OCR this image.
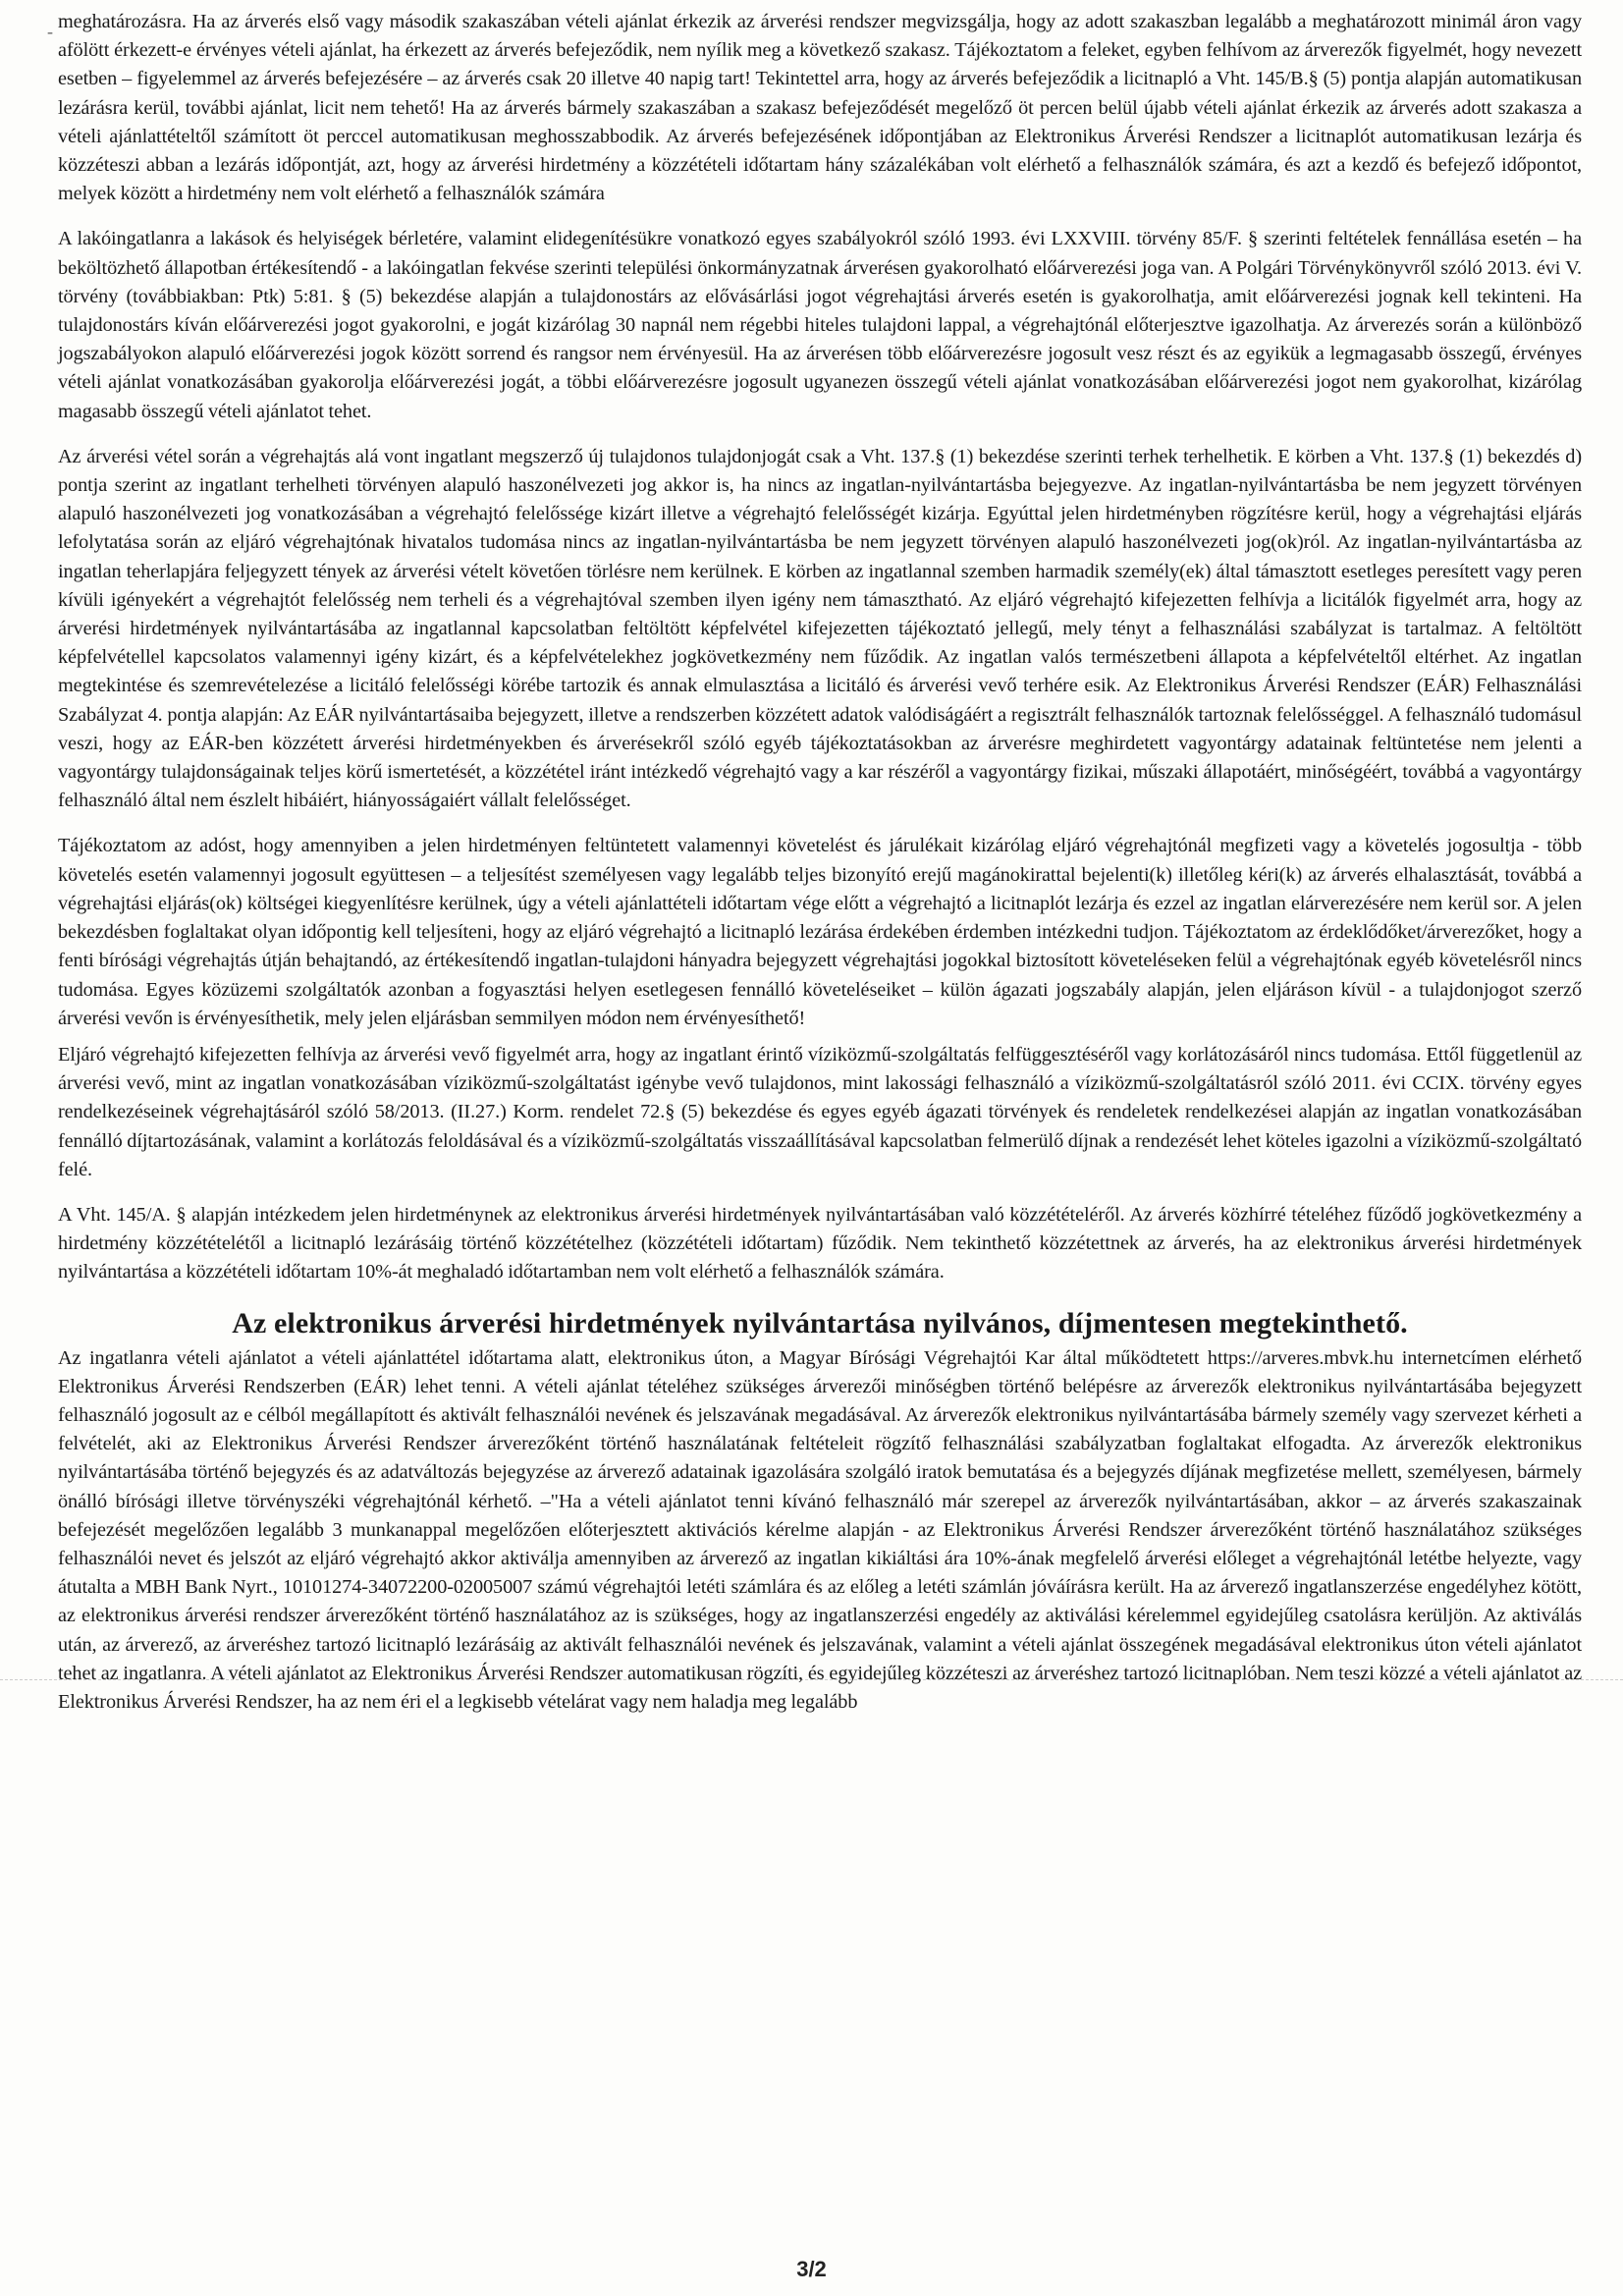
- meghatározásra. Ha az árverés első vagy második szakaszában vételi ajánlat érkezik az árverési rendszer megvizsgálja, hogy az adott szakaszban legalább a meghatározott minimál áron vagy afölött érkezett-e érvényes vételi ajánlat, ha érkezett az árverés befejeződik, nem nyílik meg a következő szakasz. Tájékoztatom a feleket, egyben felhívom az árverezők figyelmét, hogy nevezett esetben – figyelemmel az árverés befejezésére – az árverés csak 20 illetve 40 napig tart! Tekintettel arra, hogy az árverés befejeződik a licitnapló a Vht. 145/B.§ (5) pontja alapján automatikusan lezárásra kerül, további ajánlat, licit nem tehető! Ha az árverés bármely szakaszában a szakasz befejeződését megelőző öt percen belül újabb vételi ajánlat érkezik az árverés adott szakasza a vételi ajánlattételtől számított öt perccel automatikusan meghosszabbodik. Az árverés befejezésének időpontjában az Elektronikus Árverési Rendszer a licitnaplót automatikusan lezárja és közzéteszi abban a lezárás időpontját, azt, hogy az árverési hirdetmény a közzétételi időtartam hány százalékában volt elérhető a felhasználók számára, és azt a kezdő és befejező időpontot, melyek között a hirdetmény nem volt elérhető a felhasználók számára

A lakóingatlanra a lakások és helyiségek bérletére, valamint elidegenítésükre vonatkozó egyes szabályokról szóló 1993. évi LXXVIII. törvény 85/F. § szerinti feltételek fennállása esetén – ha beköltözhető állapotban értékesítendő - a lakóingatlan fekvése szerinti települési önkormányzatnak árverésen gyakorolható előárverezési joga van. A Polgári Törvénykönyvről szóló 2013. évi V. törvény (továbbiakban: Ptk) 5:81. § (5) bekezdése alapján a tulajdonostárs az elővásárlási jogot végrehajtási árverés esetén is gyakorolhatja, amit előárverezési jognak kell tekinteni. Ha tulajdonostárs kíván előárverezési jogot gyakorolni, e jogát kizárólag 30 napnál nem régebbi hiteles tulajdoni lappal, a végrehajtónál előterjesztve igazolhatja. Az árverezés során a különböző jogszabályokon alapuló előárverezési jogok között sorrend és rangsor nem érvényesül. Ha az árverésen több előárverezésre jogosult vesz részt és az egyikük a legmagasabb összegű, érvényes vételi ajánlat vonatkozásában gyakorolja előárverezési jogát, a többi előárverezésre jogosult ugyanezen összegű vételi ajánlat vonatkozásában előárverezési jogot nem gyakorolhat, kizárólag magasabb összegű vételi ajánlatot tehet.

Az árverési vétel során a végrehajtás alá vont ingatlant megszerző új tulajdonos tulajdonjogát csak a Vht. 137.§ (1) bekezdése szerinti terhek terhelhetik. E körben a Vht. 137.§ (1) bekezdés d) pontja szerint az ingatlant terhelheti törvényen alapuló haszonélvezeti jog akkor is, ha nincs az ingatlan-nyilvántartásba bejegyezve. Az ingatlan-nyilvántartásba be nem jegyzett törvényen alapuló haszonélvezeti jog vonatkozásában a végrehajtó felelőssége kizárt illetve a végrehajtó felelősségét kizárja. Egyúttal jelen hirdetményben rögzítésre kerül, hogy a végrehajtási eljárás lefolytatása során az eljáró végrehajtónak hivatalos tudomása nincs az ingatlan-nyilvántartásba be nem jegyzett törvényen alapuló haszonélvezeti jog(ok)ról. Az ingatlan-nyilvántartásba az ingatlan teherlapjára feljegyzett tények az árverési vételt követően törlésre nem kerülnek. E körben az ingatlannal szemben harmadik személy(ek) által támasztott esetleges peresített vagy peren kívüli igényekért a végrehajtót felelősség nem terheli és a végrehajtóval szemben ilyen igény nem támasztható. Az eljáró végrehajtó kifejezetten felhívja a licitálók figyelmét arra, hogy az árverési hirdetmények nyilvántartásába az ingatlannal kapcsolatban feltöltött képfelvétel kifejezetten tájékoztató jellegű, mely tényt a felhasználási szabályzat is tartalmaz. A feltöltött képfelvétellel kapcsolatos valamennyi igény kizárt, és a képfelvételekhez jogkövetkezmény nem fűződik. Az ingatlan valós természetbeni állapota a képfelvételtől eltérhet. Az ingatlan megtekintése és szemrevételezése a licitáló felelősségi körébe tartozik és annak elmulasztása a licitáló és árverési vevő terhére esik. Az Elektronikus Árverési Rendszer (EÁR) Felhasználási Szabályzat 4. pontja alapján: Az EÁR nyilvántartásaiba bejegyzett, illetve a rendszerben közzétett adatok valódiságáért a regisztrált felhasználók tartoznak felelősséggel. A felhasználó tudomásul veszi, hogy az EÁR-ben közzétett árverési hirdetményekben és árverésekről szóló egyéb tájékoztatásokban az árverésre meghirdetett vagyontárgy adatainak feltüntetése nem jelenti a vagyontárgy tulajdonságainak teljes körű ismertetését, a közzététel iránt intézkedő végrehajtó vagy a kar részéről a vagyontárgy fizikai, műszaki állapotáért, minőségéért, továbbá a vagyontárgy felhasználó által nem észlelt hibáiért, hiányosságaiért vállalt felelősséget.

Tájékoztatom az adóst, hogy amennyiben a jelen hirdetményen feltüntetett valamennyi követelést és járulékait kizárólag eljáró végrehajtónál megfizeti vagy a követelés jogosultja - több követelés esetén valamennyi jogosult együttesen – a teljesítést személyesen vagy legalább teljes bizonyító erejű magánokirattal bejelenti(k) illetőleg kéri(k) az árverés elhalasztását, továbbá a végrehajtási eljárás(ok) költségei kiegyenlítésre kerülnek, úgy a vételi ajánlattételi időtartam vége előtt a végrehajtó a licitnaplót lezárja és ezzel az ingatlan elárverezésére nem kerül sor. A jelen bekezdésben foglaltakat olyan időpontig kell teljesíteni, hogy az eljáró végrehajtó a licitnapló lezárása érdekében érdemben intézkedni tudjon. Tájékoztatom az érdeklődőket/árverezőket, hogy a fenti bírósági végrehajtás útján behajtandó, az értékesítendő ingatlan-tulajdoni hányadra bejegyzett végrehajtási jogokkal biztosított követeléseken felül a végrehajtónak egyéb követelésről nincs tudomása. Egyes közüzemi szolgáltatók azonban a fogyasztási helyen esetlegesen fennálló követeléseiket – külön ágazati jogszabály alapján, jelen eljáráson kívül - a tulajdonjogot szerző árverési vevőn is érvényesíthetik, mely jelen eljárásban semmilyen módon nem érvényesíthető!

Eljáró végrehajtó kifejezetten felhívja az árverési vevő figyelmét arra, hogy az ingatlant érintő víziközmű-szolgáltatás felfüggesztéséről vagy korlátozásáról nincs tudomása. Ettől függetlenül az árverési vevő, mint az ingatlan vonatkozásában víziközmű-szolgáltatást igénybe vevő tulajdonos, mint lakossági felhasználó a víziközmű-szolgáltatásról szóló 2011. évi CCIX. törvény egyes rendelkezéseinek végrehajtásáról szóló 58/2013. (II.27.) Korm. rendelet 72.§ (5) bekezdése és egyes egyéb ágazati törvények és rendeletek rendelkezései alapján az ingatlan vonatkozásában fennálló díjtartozásának, valamint a korlátozás feloldásával és a víziközmű-szolgáltatás visszaállításával kapcsolatban felmerülő díjnak a rendezését lehet köteles igazolni a víziközmű-szolgáltató felé.

A Vht. 145/A. § alapján intézkedem jelen hirdetménynek az elektronikus árverési hirdetmények nyilvántartásában való közzétételéről. Az árverés közhírré tételéhez fűződő jogkövetkezmény a hirdetmény közzétételétől a licitnapló lezárásáig történő közzétételhez (közzétételi időtartam) fűződik. Nem tekinthető közzétettnek az árverés, ha az elektronikus árverési hirdetmények nyilvántartása a közzétételi időtartam 10%-át meghaladó időtartamban nem volt elérhető a felhasználók számára.

Az elektronikus árverési hirdetmények nyilvántartása nyilvános, díjmentesen megtekinthető.

Az ingatlanra vételi ajánlatot a vételi ajánlattétel időtartama alatt, elektronikus úton, a Magyar Bírósági Végrehajtói Kar által működtetett https://arveres.mbvk.hu internetcímen elérhető Elektronikus Árverési Rendszerben (EÁR) lehet tenni. A vételi ajánlat tételéhez szükséges árverezői minőségben történő belépésre az árverezők elektronikus nyilvántartásába bejegyzett felhasználó jogosult az e célból megállapított és aktivált felhasználói nevének és jelszavának megadásával. Az árverezők elektronikus nyilvántartásába bármely személy vagy szervezet kérheti a felvételét, aki az Elektronikus Árverési Rendszer árverezőként történő használatának feltételeit rögzítő felhasználási szabályzatban foglaltakat elfogadta. Az árverezők elektronikus nyilvántartásába történő bejegyzés és az adatváltozás bejegyzése az árverező adatainak igazolására szolgáló iratok bemutatása és a bejegyzés díjának megfizetése mellett, személyesen, bármely önálló bírósági illetve törvényszéki végrehajtónál kérhető. –"Ha a vételi ajánlatot tenni kívánó felhasználó már szerepel az árverezők nyilvántartásában, akkor – az árverés szakaszainak befejezését megelőzően legalább 3 munkanappal megelőzően előterjesztett aktivációs kérelme alapján - az Elektronikus Árverési Rendszer árverezőként történő használatához szükséges felhasználói nevet és jelszót az eljáró végrehajtó akkor aktiválja amennyiben az árverező az ingatlan kikiáltási ára 10%-ának megfelelő árverési előleget a végrehajtónál letétbe helyezte, vagy átutalta a MBH Bank Nyrt., 10101274-34072200-02005007 számú végrehajtói letéti számlára és az előleg a letéti számlán jóváírásra került. Ha az árverező ingatlanszerzése engedélyhez kötött, az elektronikus árverési rendszer árverezőként történő használatához az is szükséges, hogy az ingatlanszerzési engedély az aktiválási kérelemmel egyidejűleg csatolásra kerüljön. Az aktiválás után, az árverező, az árveréshez tartozó licitnapló lezárásáig az aktivált felhasználói nevének és jelszavának, valamint a vételi ajánlat összegének megadásával elektronikus úton vételi ajánlatot tehet az ingatlanra. A vételi ajánlatot az Elektronikus Árverési Rendszer automatikusan rögzíti, és egyidejűleg közzéteszi az árveréshez tartozó licitnaplóban. Nem teszi közzé a vételi ajánlatot az Elektronikus Árverési Rendszer, ha az nem éri el a legkisebb vételárat vagy nem haladja meg legalább

3/2
